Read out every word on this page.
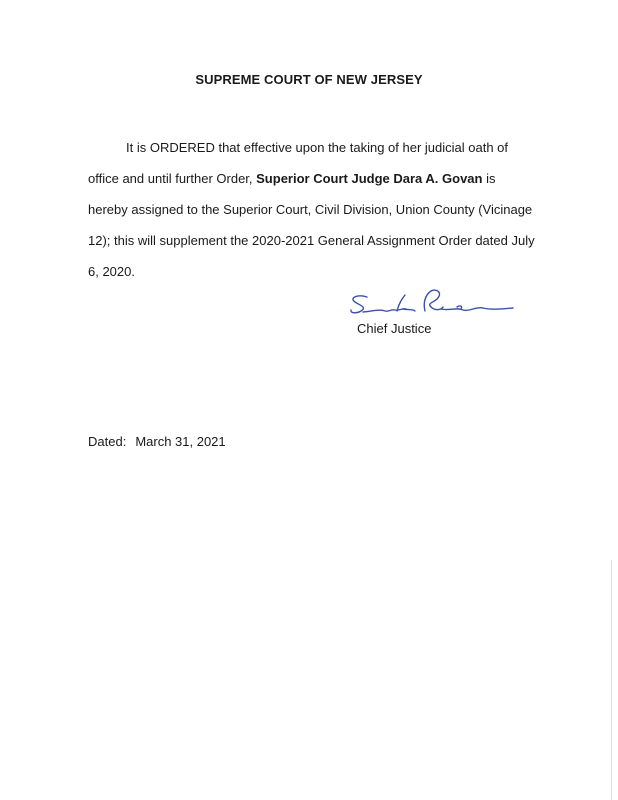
SUPREME COURT OF NEW JERSEY
It is ORDERED that effective upon the taking of her judicial oath of office and until further Order, Superior Court Judge Dara A. Govan is hereby assigned to the Superior Court, Civil Division, Union County (Vicinage 12); this will supplement the 2020-2021 General Assignment Order dated July 6, 2020.
Chief Justice
Dated: March 31, 2021
